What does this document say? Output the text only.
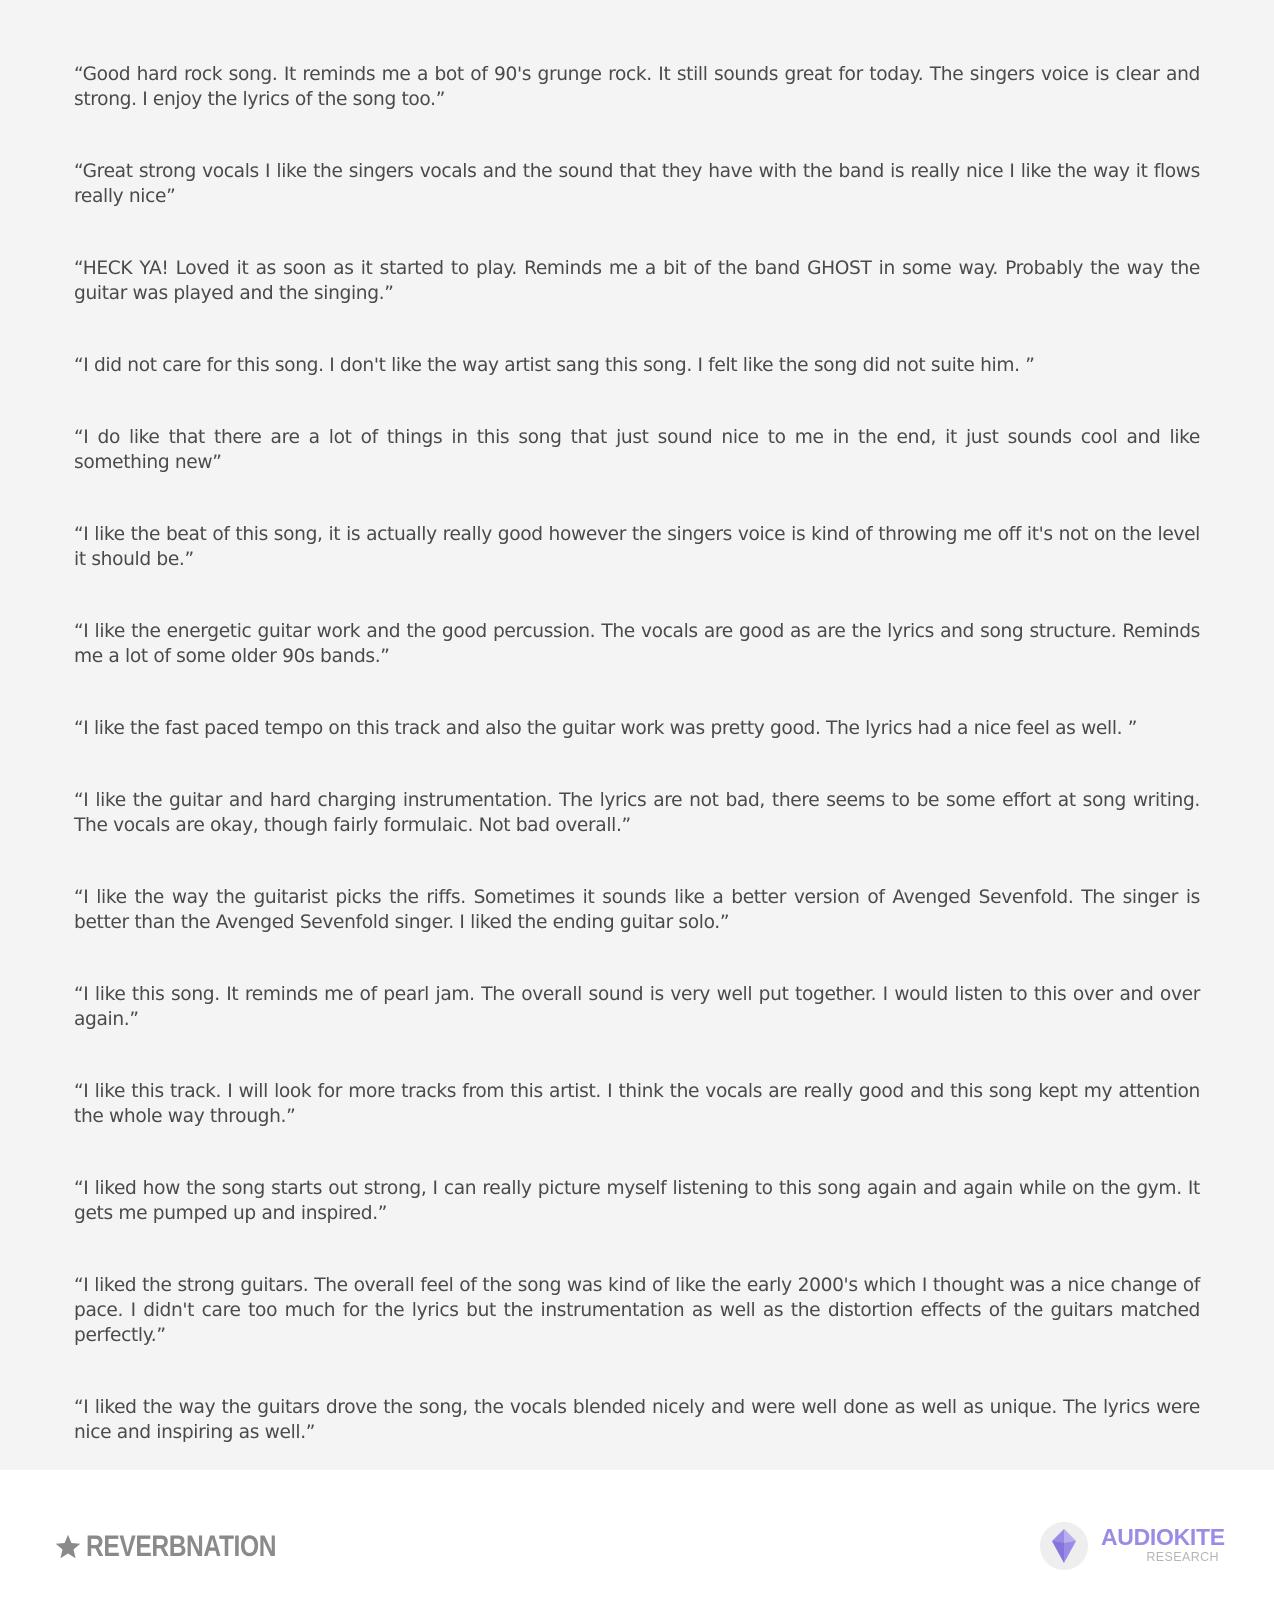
“Good hard rock song. It reminds me a bot of 90's grunge rock. It still sounds great for today. The singers voice is clear and strong. I enjoy the lyrics of the song too.”
“Great strong vocals I like the singers vocals and the sound that they have with the band is really nice I like the way it flows really nice”
“HECK YA! Loved it as soon as it started to play. Reminds me a bit of the band GHOST in some way. Probably the way the guitar was played and the singing.”
“I did not care for this song. I don't like the way artist sang this song. I felt like the song did not suite him. ”
“I do like that there are a lot of things in this song that just sound nice to me in the end, it just sounds cool and like something new”
“I like the beat of this song, it is actually really good however the singers voice is kind of throwing me off it's not on the level it should be.”
“I like the energetic guitar work and the good percussion. The vocals are good as are the lyrics and song structure. Reminds me a lot of some older 90s bands.”
“I like the fast paced tempo on this track and also the guitar work was pretty good. The lyrics had a nice feel as well. ”
“I like the guitar and hard charging instrumentation. The lyrics are not bad, there seems to be some effort at song writing. The vocals are okay, though fairly formulaic. Not bad overall.”
“I like the way the guitarist picks the riffs. Sometimes it sounds like a better version of Avenged Sevenfold. The singer is better than the Avenged Sevenfold singer. I liked the ending guitar solo.”
“I like this song. It reminds me of pearl jam. The overall sound is very well put together. I would listen to this over and over again.”
“I like this track. I will look for more tracks from this artist. I think the vocals are really good and this song kept my attention the whole way through.”
“I liked how the song starts out strong, I can really picture myself listening to this song again and again while on the gym. It gets me pumped up and inspired.”
“I liked the strong guitars. The overall feel of the song was kind of like the early 2000's which I thought was a nice change of pace. I didn't care too much for the lyrics but the instrumentation as well as the distortion effects of the guitars matched perfectly.”
“I liked the way the guitars drove the song, the vocals blended nicely and were well done as well as unique. The lyrics were nice and inspiring as well.”
REVERBNATION	AUDIOKITE
RESEARCH
